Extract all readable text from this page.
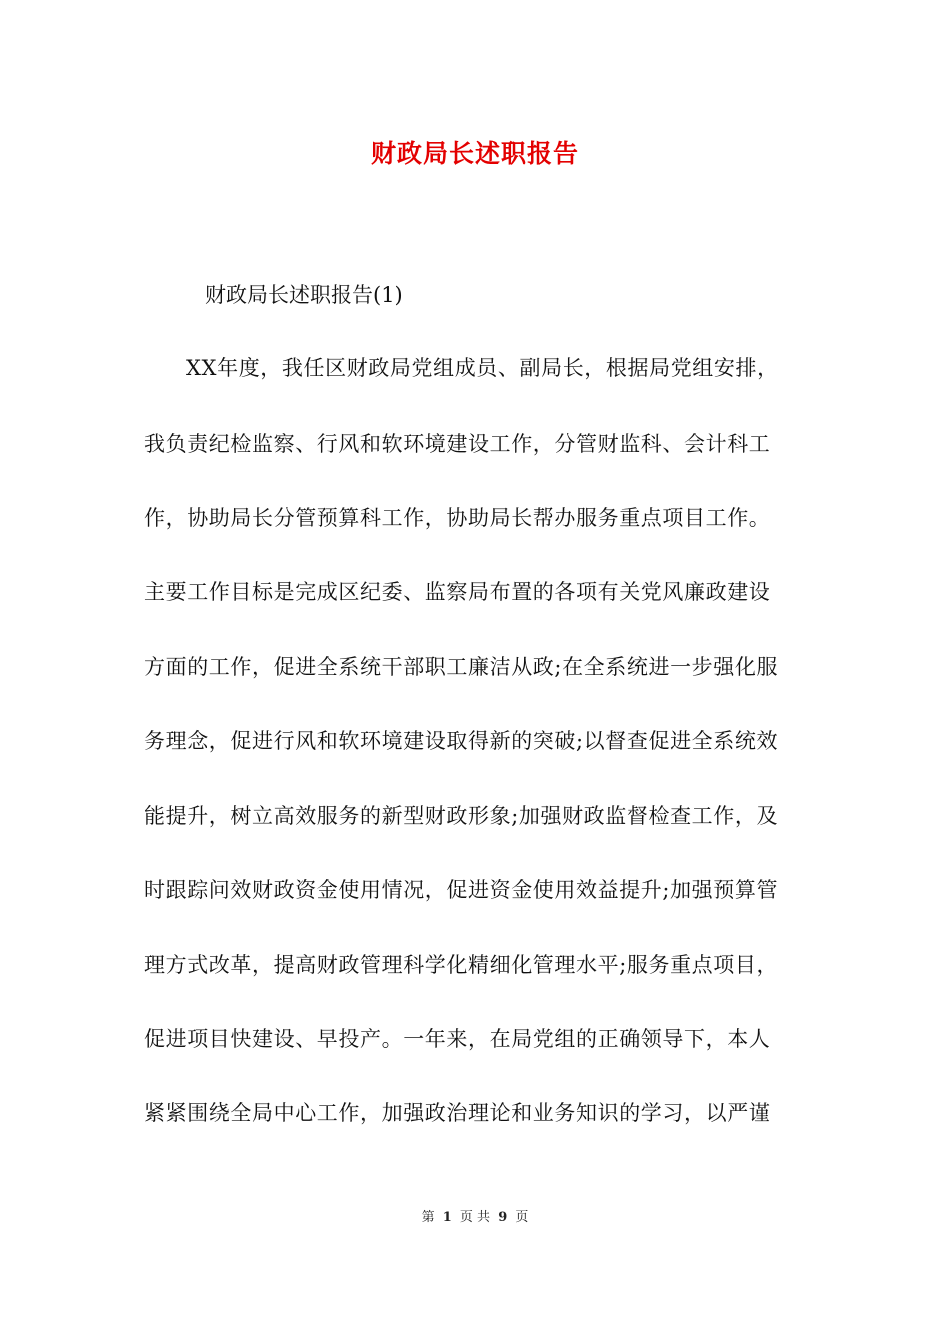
财政局长述职报告

财政局长述职报告(1)

XX年度，我任区财政局党组成员、副局长，根据局党组安排，

我负责纪检监察、行风和软环境建设工作，分管财监科、会计科工

作，协助局长分管预算科工作，协助局长帮办服务重点项目工作。

主要工作目标是完成区纪委、监察局布置的各项有关党风廉政建设

方面的工作，促进全系统干部职工廉洁从政;在全系统进一步强化服

务理念，促进行风和软环境建设取得新的突破;以督查促进全系统效

能提升，树立高效服务的新型财政形象;加强财政监督检查工作，及

时跟踪问效财政资金使用情况，促进资金使用效益提升;加强预算管

理方式改革，提高财政管理科学化精细化管理水平;服务重点项目，

促进项目快建设、早投产。一年来，在局党组的正确领导下，本人

紧紧围绕全局中心工作，加强政治理论和业务知识的学习，以严谨

第 1 页 共 9 页
